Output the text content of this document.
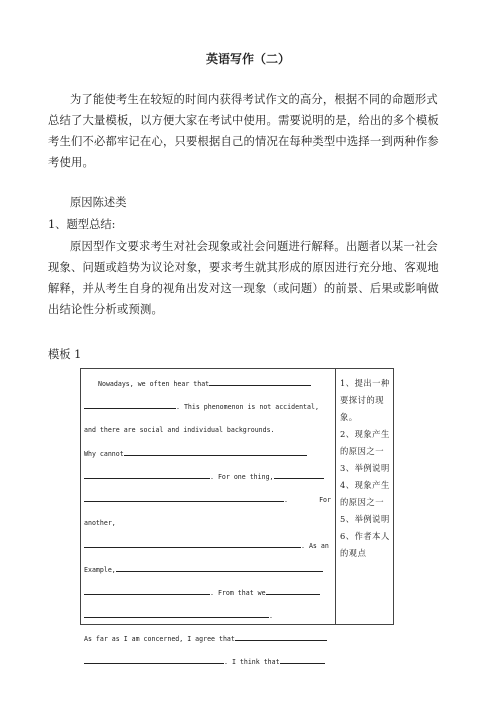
英语写作（二）
为了能使考生在较短的时间内获得考试作文的高分，根据不同的命题形式总结了大量模板，以方便大家在考试中使用。需要说明的是，给出的多个模板考生们不必都牢记在心，只要根据自己的情况在每种类型中选择一到两种作参考使用。
原因陈述类
1、题型总结:
原因型作文要求考生对社会现象或社会问题进行解释。出题者以某一社会现象、问题或趋势为议论对象，要求考生就其形成的原因进行充分地、客观地解释，并从考生自身的视角出发对这一现象（或问题）的前景、后果或影响做出结论性分析或预测。
模板 1
Nowadays, we often hear that
. This phenomenon is not accidental,
and there are social and individual backgrounds.
Why cannot
. For one thing,
.	For
another,
. As an
Example,
. From that we
.
As far as I am concerned, I agree that
. I think that
1、提出一种要探讨的现象。
2、现象产生的原因之一
3、举例说明
4、现象产生的原因之一
5、举例说明
6、作者本人的观点
